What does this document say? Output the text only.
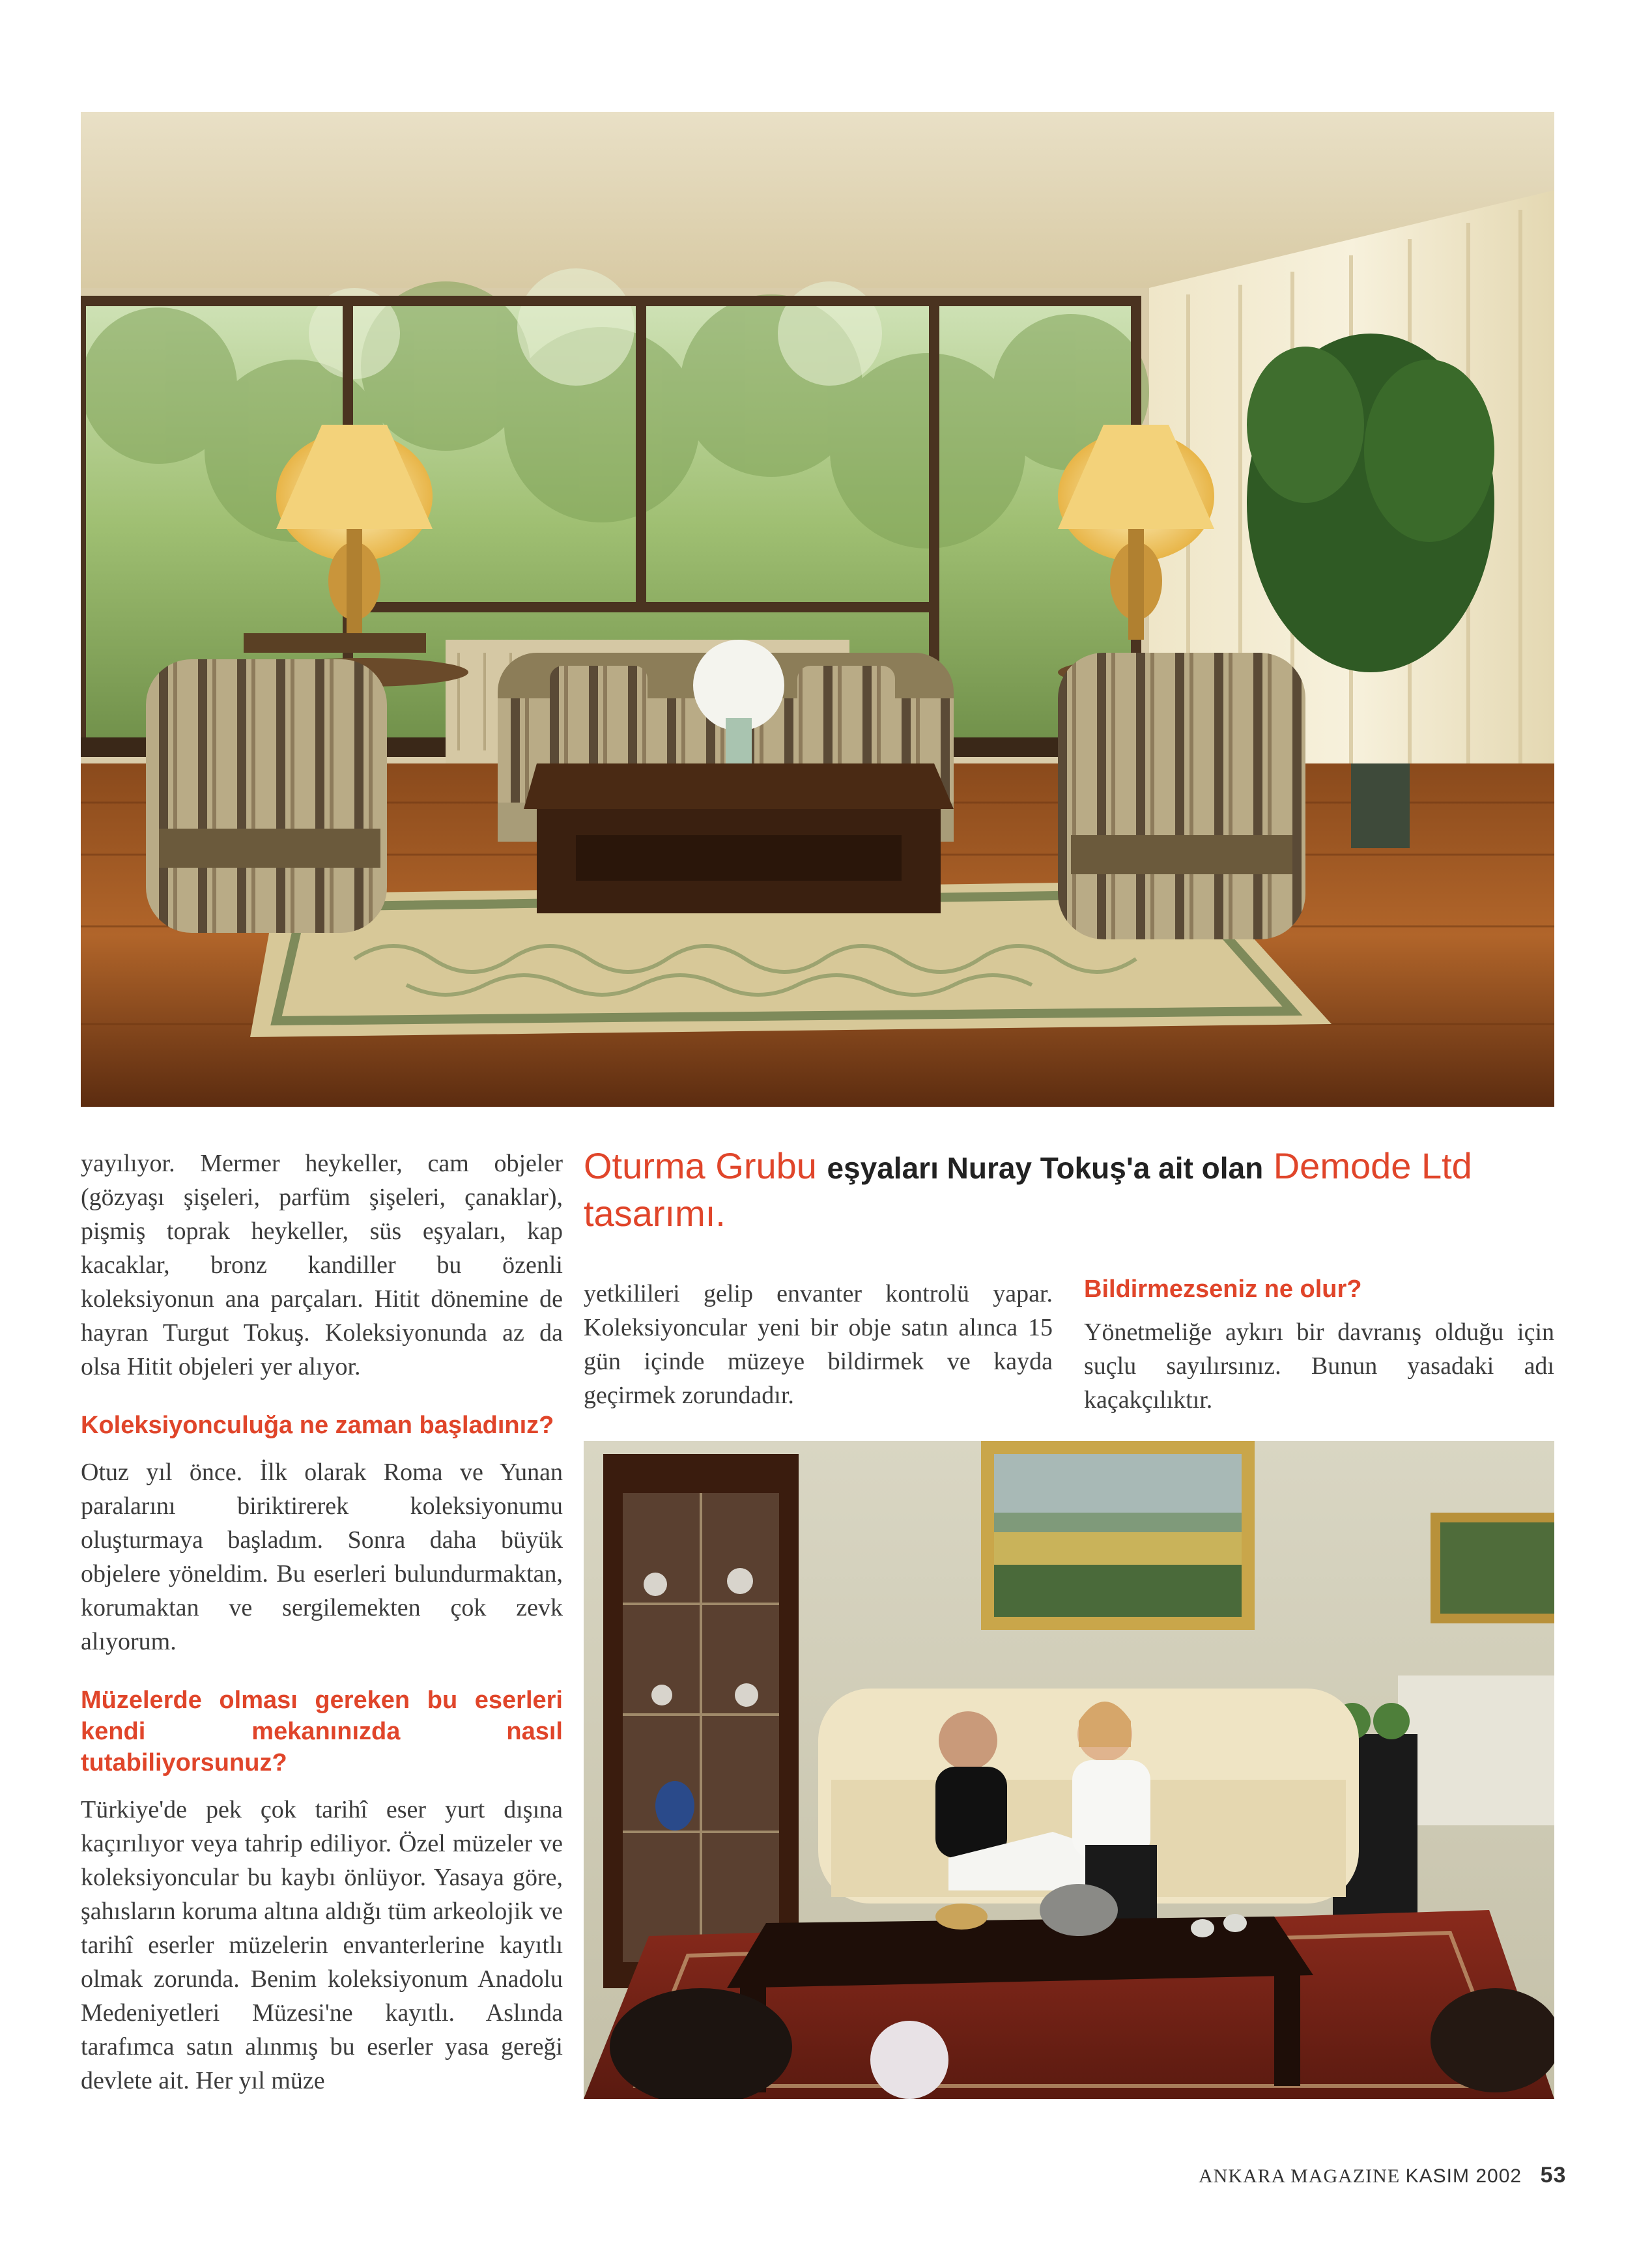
yayılıyor. Mermer heykeller, cam objeler (gözyaşı şişeleri, parfüm şişeleri, çanaklar), pişmiş toprak heykeller, süs eşyaları, kap kacaklar, bronz kandiller bu özenli koleksiyonun ana parçaları. Hitit dönemine de hayran Turgut Tokuş. Koleksiyonunda az da olsa Hitit objeleri yer alıyor.

Koleksiyonculuğa ne zaman başladınız?

Otuz yıl önce. İlk olarak Roma ve Yunan paralarını biriktirerek koleksiyonumu oluşturmaya başladım. Sonra daha büyük objelere yöneldim. Bu eserleri bulundurmaktan, korumaktan ve sergilemekten çok zevk alıyorum.

Müzelerde olması gereken bu eserleri kendi mekanınızda nasıl tutabiliyorsunuz?

Türkiye'de pek çok tarihî eser yurt dışına kaçırılıyor veya tahrip ediliyor. Özel müzeler ve koleksiyoncular bu kaybı önlüyor. Yasaya göre, şahısların koruma altına aldığı tüm arkeolojik ve tarihî eserler müzelerin envanterlerine kayıtlı olmak zorunda. Benim koleksiyonum Anadolu Medeniyetleri Müzesi'ne kayıtlı. Aslında tarafımca satın alınmış bu eserler yasa gereği devlete ait. Her yıl müze

Oturma Grubu eşyaları Nuray Tokuş'a ait olan Demode Ltd tasarımı.

yetkilileri gelip envanter kontrolü yapar. Koleksiyoncular yeni bir obje satın alınca 15 gün içinde müzeye bildirmek ve kayda geçirmek zorundadır.

Bildirmezseniz ne olur?

Yönetmeliğe aykırı bir davranış olduğu için suçlu sayılırsınız. Bunun yasadaki adı kaçakçılıktır.

ANKARA MAGAZINE KASIM 2002 53
